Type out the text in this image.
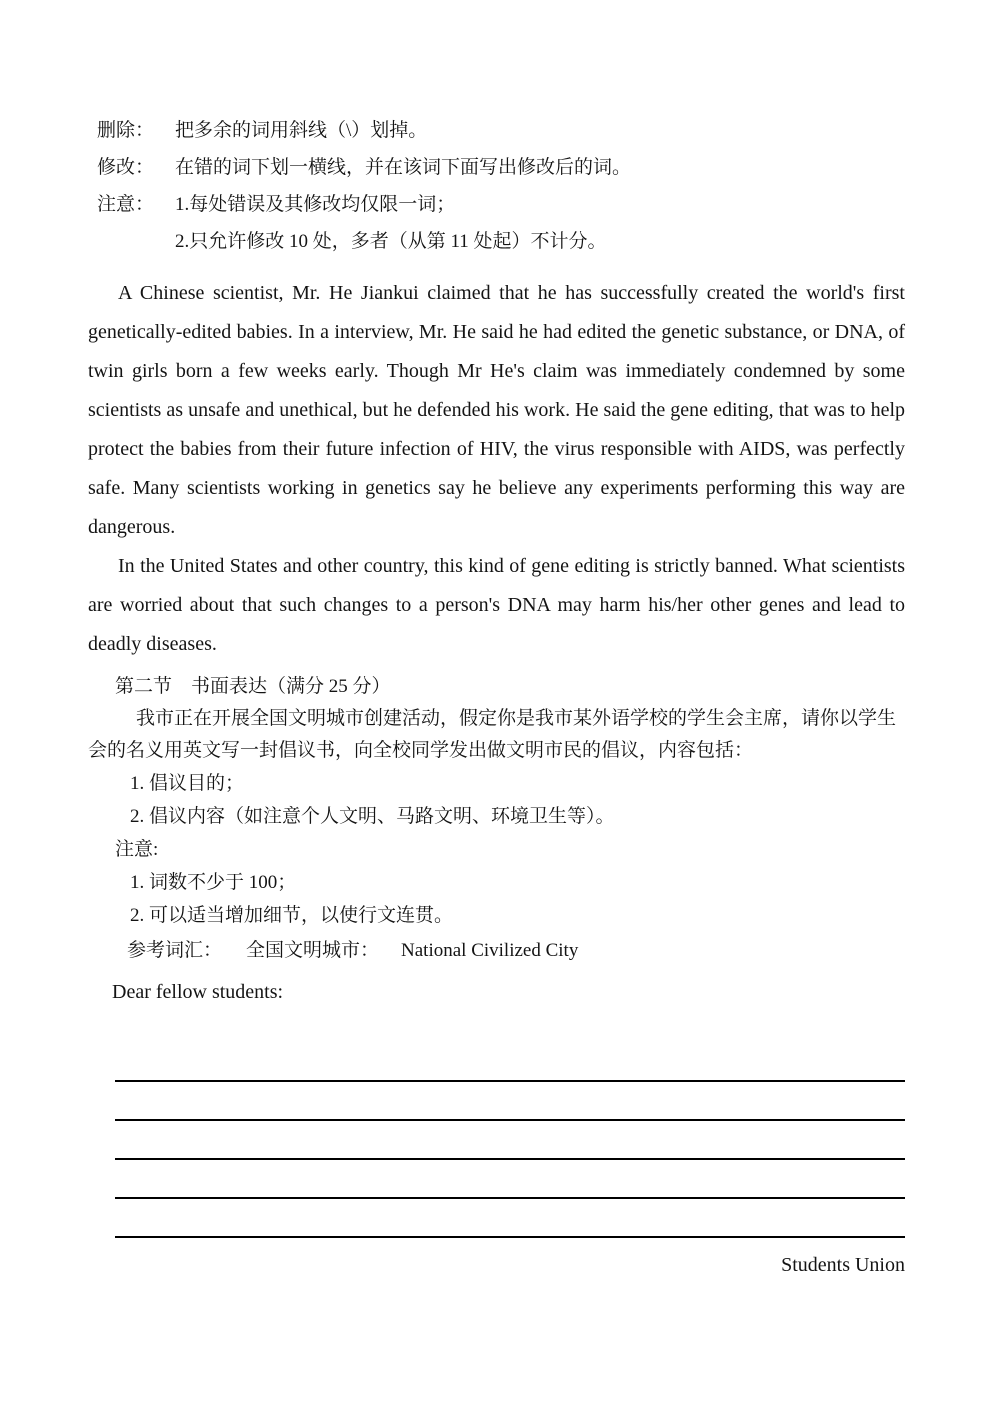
删除：	把多余的词用斜线（\）划掉。
修改：	在错的词下划一横线，并在该词下面写出修改后的词。
注意：	1.每处错误及其修改均仅限一词；
2.只允许修改 10 处，多者（从第 11 处起）不计分。

A Chinese scientist, Mr. He Jiankui claimed that he has successfully created the world's first genetically-edited babies. In a interview, Mr. He said he had edited the genetic substance, or DNA, of twin girls born a few weeks early. Though Mr He's claim was immediately condemned by some scientists as unsafe and unethical, but he defended his work. He said the gene editing, that was to help protect the babies from their future infection of HIV, the virus responsible with AIDS, was perfectly safe. Many scientists working in genetics say he believe any experiments performing this way are dangerous.

In the United States and other country, this kind of gene editing is strictly banned. What scientists are worried about that such changes to a person's DNA may harm his/her other genes and lead to deadly diseases.

第二节　书面表达（满分 25 分）
我市正在开展全国文明城市创建活动，假定你是我市某外语学校的学生会主席，请你以学生会的名义用英文写一封倡议书，向全校同学发出做文明市民的倡议，内容包括：
1. 倡议目的；
2. 倡议内容（如注意个人文明、马路文明、环境卫生等）。
注意:
1. 词数不少于 100；
2. 可以适当增加细节，以使行文连贯。
参考词汇： 全国文明城市： National Civilized City
Dear fellow students:
Students Union
